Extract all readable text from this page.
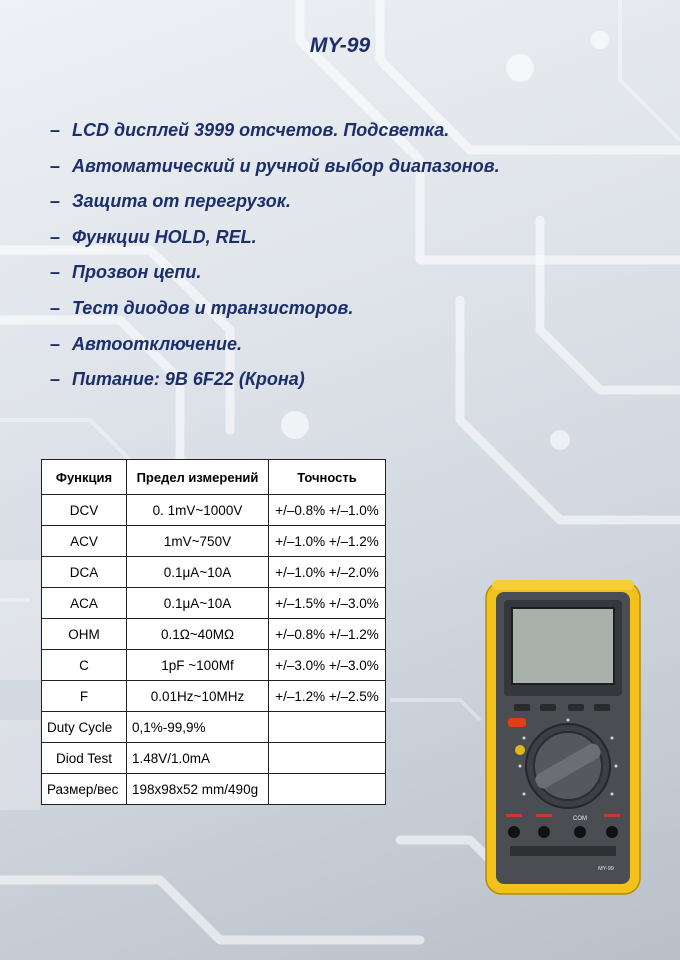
MY-99
– LCD дисплей 3999 отсчетов. Подсветка.
– Автоматический и ручной выбор диапазонов.
– Защита от перегрузок.
– Функции HOLD, REL.
– Прозвон цепи.
– Тест диодов и транзисторов.
– Автоотключение.
– Питание: 9В 6F22 (Крона)
Функция	Предел измерений	Точность
DCV	0. 1mV~1000V	+/–0.8% +/–1.0%
ACV	1mV~750V	+/–1.0% +/–1.2%
DCA	0.1μA~10A	+/–1.0% +/–2.0%
ACA	0.1μA~10A	+/–1.5% +/–3.0%
OHM	0.1Ω~40MΩ	+/–0.8% +/–1.2%
C	1pF ~100Mf	+/–3.0% +/–3.0%
F	0.01Hz~10MHz	+/–1.2% +/–2.5%
Duty Cycle	0,1%-99,9%	
Diod Test	1.48V/1.0mA	
Размер/вес	198x98x52 mm/490g	
COM
MY-99
